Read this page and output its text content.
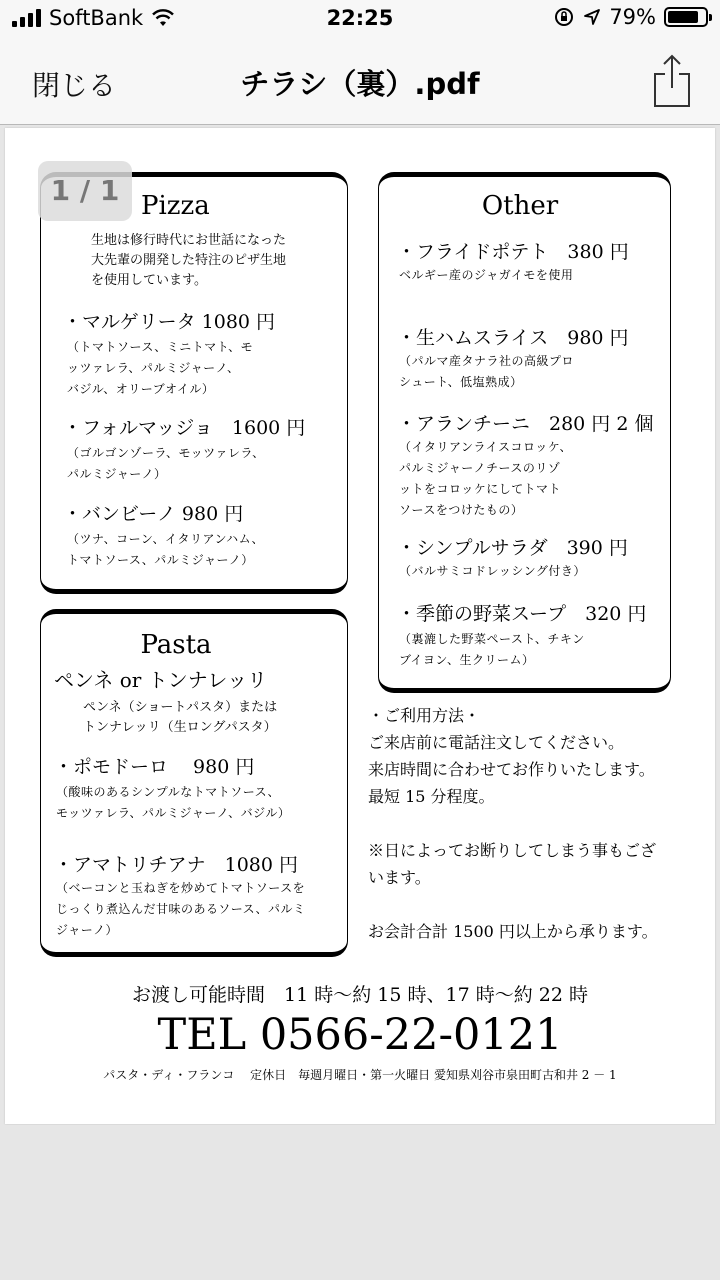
SoftBank	22:25	79%
閉じる	チラシ（裏）.pdf
1 / 1 Pizza
生地は修行時代にお世話になった
大先輩の開発した特注のピザ生地
を使用しています。
・マルゲリータ 1080 円
（トマトソース、ミニトマト、モ
ッツァレラ、パルミジャーノ、
バジル、オリーブオイル）
・フォルマッジョ　1600 円
（ゴルゴンゾーラ、モッツァレラ、
パルミジャーノ）
・バンビーノ 980 円
（ツナ、コーン、イタリアンハム、
トマトソース、パルミジャーノ）
Pasta
ペンネ or トンナレッリ
ペンネ（ショートパスタ）または
トンナレッリ（生ロングパスタ）
・ポモドーロ　 980 円
（酸味のあるシンプルなトマトソース、
モッツァレラ、パルミジャーノ、バジル）
・アマトリチアナ　1080 円
（ベーコンと玉ねぎを炒めてトマトソースを
じっくり煮込んだ甘味のあるソース、パルミ
ジャーノ）
Other
・フライドポテト　380 円
ベルギー産のジャガイモを使用
・生ハムスライス　980 円
（パルマ産タナラ社の高級プロ
シュート、低塩熟成）
・アランチーニ　280 円 2 個
（イタリアンライスコロッケ、
パルミジャーノチースのリゾ
ットをコロッケにしてトマト
ソースをつけたもの）
・シンプルサラダ　390 円
（バルサミコドレッシング付き）
・季節の野菜スープ　320 円
（裏漉した野菜ペースト、チキン
ブイヨン、生クリーム）
・ご利用方法・
ご来店前に電話注文してください。
来店時間に合わせてお作りいたします。
最短 15 分程度。
※日によってお断りしてしまう事もござ
います。
お会計合計 1500 円以上から承ります。
お渡し可能時間　11 時〜約 15 時、17 時〜約 22 時
TEL 0566-22-0121
パスタ・ディ・フランコ　 定休日　毎週月曜日・第一火曜日 愛知県刈谷市泉田町古和井 2 － 1
